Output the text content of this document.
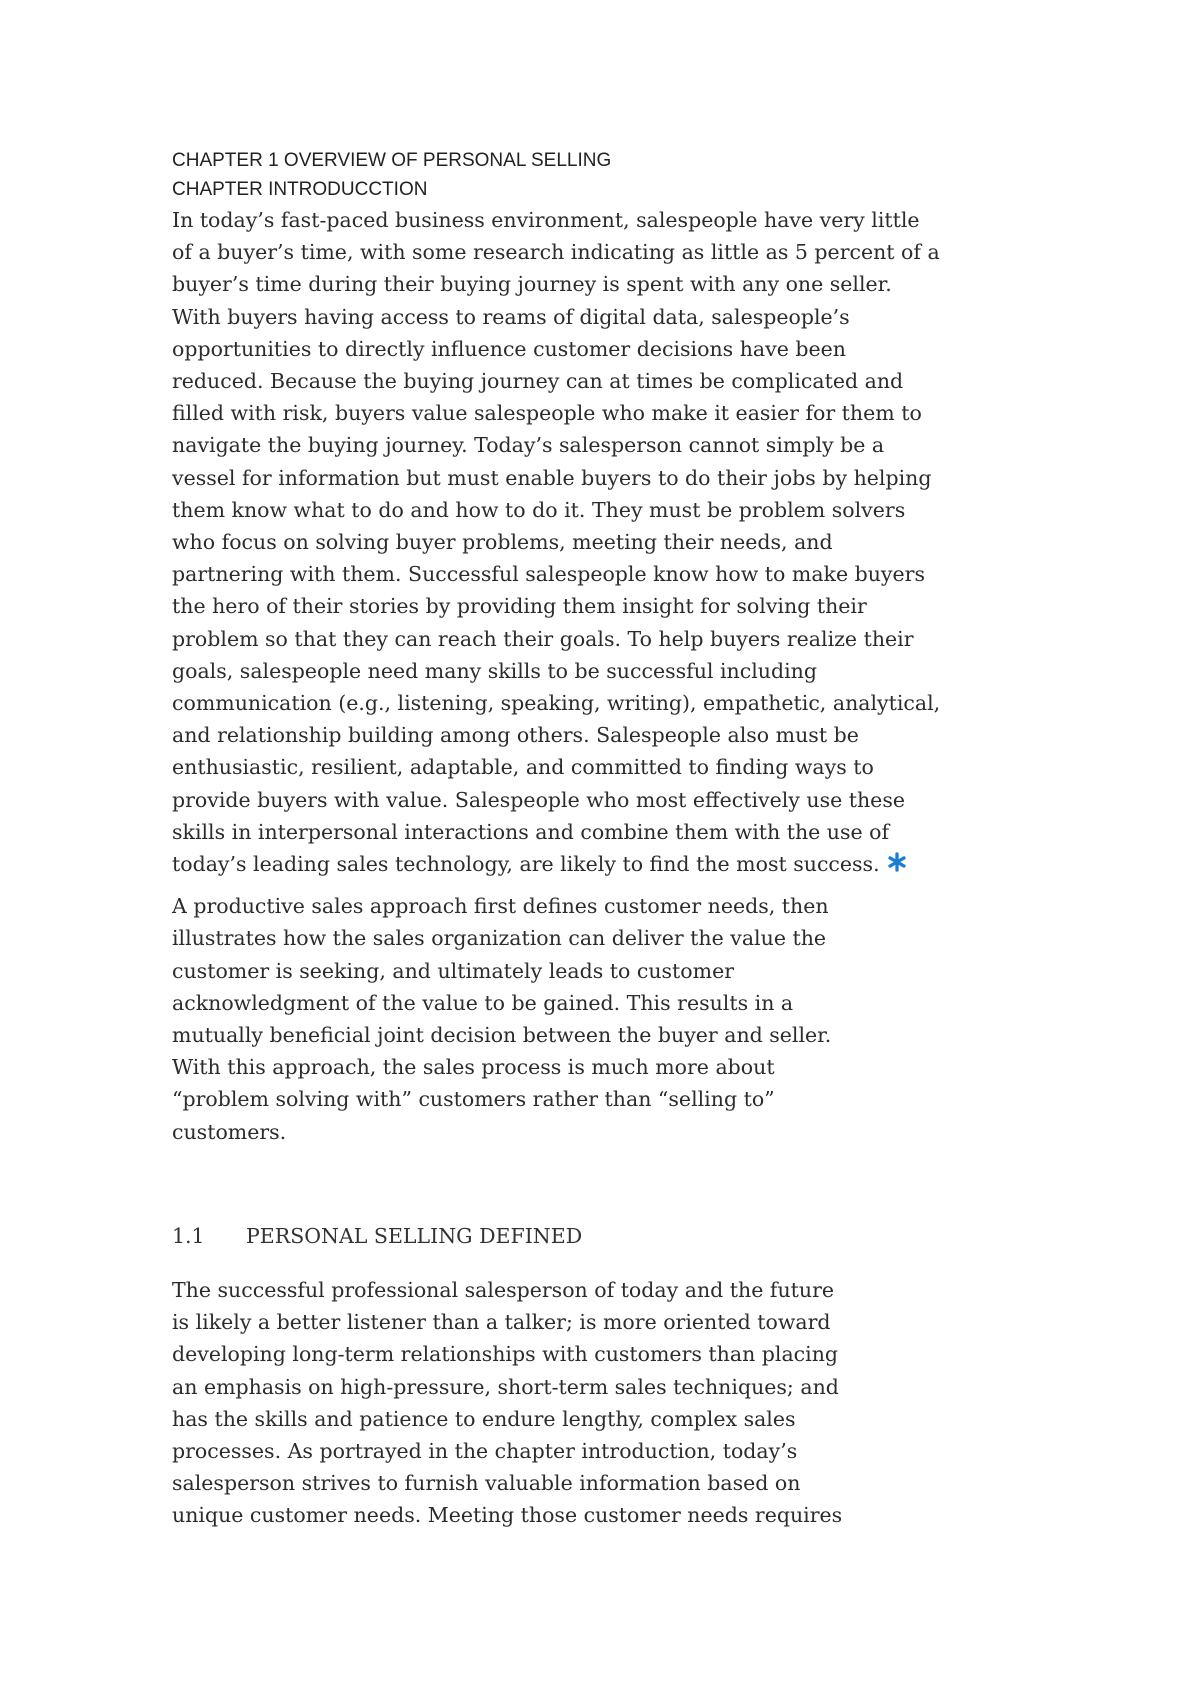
CHAPTER 1 OVERVIEW OF PERSONAL SELLING
CHAPTER INTRODUCCTION
In today’s fast-paced business environment, salespeople have very little
of a buyer’s time, with some research indicating as little as 5 percent of a
buyer’s time during their buying journey is spent with any one seller.
With buyers having access to reams of digital data, salespeople’s
opportunities to directly influence customer decisions have been
reduced. Because the buying journey can at times be complicated and
filled with risk, buyers value salespeople who make it easier for them to
navigate the buying journey. Today’s salesperson cannot simply be a
vessel for information but must enable buyers to do their jobs by helping
them know what to do and how to do it. They must be problem solvers
who focus on solving buyer problems, meeting their needs, and
partnering with them. Successful salespeople know how to make buyers
the hero of their stories by providing them insight for solving their
problem so that they can reach their goals. To help buyers realize their
goals, salespeople need many skills to be successful including
communication (e.g., listening, speaking, writing), empathetic, analytical,
and relationship building among others. Salespeople also must be
enthusiastic, resilient, adaptable, and committed to finding ways to
provide buyers with value. Salespeople who most effectively use these
skills in interpersonal interactions and combine them with the use of
today’s leading sales technology, are likely to find the most success.
A productive sales approach first defines customer needs, then
illustrates how the sales organization can deliver the value the
customer is seeking, and ultimately leads to customer
acknowledgment of the value to be gained. This results in a
mutually beneficial joint decision between the buyer and seller.
With this approach, the sales process is much more about
“problem solving with” customers rather than “selling to”
customers.
1.1 PERSONAL SELLING DEFINED
The successful professional salesperson of today and the future
is likely a better listener than a talker; is more oriented toward
developing long-term relationships with customers than placing
an emphasis on high-pressure, short-term sales techniques; and
has the skills and patience to endure lengthy, complex sales
processes. As portrayed in the chapter introduction, today’s
salesperson strives to furnish valuable information based on
unique customer needs. Meeting those customer needs requires
